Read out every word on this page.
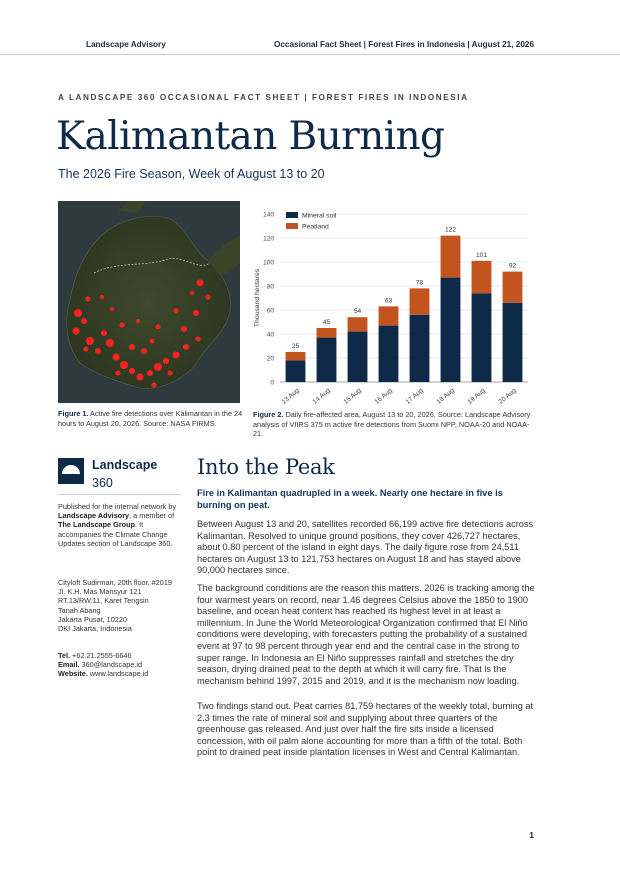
Landscape Advisory	Occasional Fact Sheet | Forest Fires in Indonesia | August 21, 2026
A LANDSCAPE 360 OCCASIONAL FACT SHEET | FOREST FIRES IN INDONESIA
Kalimantan Burning
The 2026 Fire Season, Week of August 13 to 20
Figure 1. Active fire detections over Kalimantan in the 24 hours to August 20, 2026. Source: NASA FIRMS.
0
20
40
60
80
100
120
140
Thousand hectares
25
13 Aug
45
14 Aug
54
15 Aug
63
16 Aug
78
17 Aug
122
18 Aug
101
19 Aug
92
20 Aug
Mineral soil
Peatland
Figure 2. Daily fire-affected area, August 13 to 20, 2026. Source: Landscape Advisory analysis of VIIRS 375 m active fire detections from Suomi NPP, NOAA-20 and NOAA-21.
Landscape
360
Published for the internal network by Landscape Advisory, a member of The Landscape Group. It accompanies the Climate Change Updates section of Landscape 360.
Cityloft Sudirman, 20th floor, #2019
Jl. K.H. Mas Mansyur 121
RT.13/RW.11, Karet Tengsin
Tanah Abang
Jakarta Pusat, 10220
DKI Jakarta, Indonesia
Tel. +62.21.2555-6646
Email. 360@landscape.id
Website. www.landscape.id
Into the Peak
Fire in Kalimantan quadrupled in a week. Nearly one hectare in five is burning on peat.

Between August 13 and 20, satellites recorded 66,199 active fire detections across Kalimantan. Resolved to unique ground positions, they cover 426,727 hectares, about 0.80 percent of the island in eight days. The daily figure rose from 24,511 hectares on August 13 to 121,753 hectares on August 18 and has stayed above 90,000 hectares since.

The background conditions are the reason this matters. 2026 is tracking among the four warmest years on record, near 1.46 degrees Celsius above the 1850 to 1900 baseline, and ocean heat content has reached its highest level in at least a millennium. In June the World Meteorological Organization confirmed that El Niño conditions were developing, with forecasters putting the probability of a sustained event at 97 to 98 percent through year end and the central case in the strong to super range. In Indonesia an El Niño suppresses rainfall and stretches the dry season, drying drained peat to the depth at which it will carry fire. That is the mechanism behind 1997, 2015 and 2019, and it is the mechanism now loading.

Two findings stand out. Peat carries 81,759 hectares of the weekly total, burning at 2.3 times the rate of mineral soil and supplying about three quarters of the greenhouse gas released. And just over half the fire sits inside a licensed concession, with oil palm alone accounting for more than a fifth of the total. Both point to drained peat inside plantation licenses in West and Central Kalimantan.

1
